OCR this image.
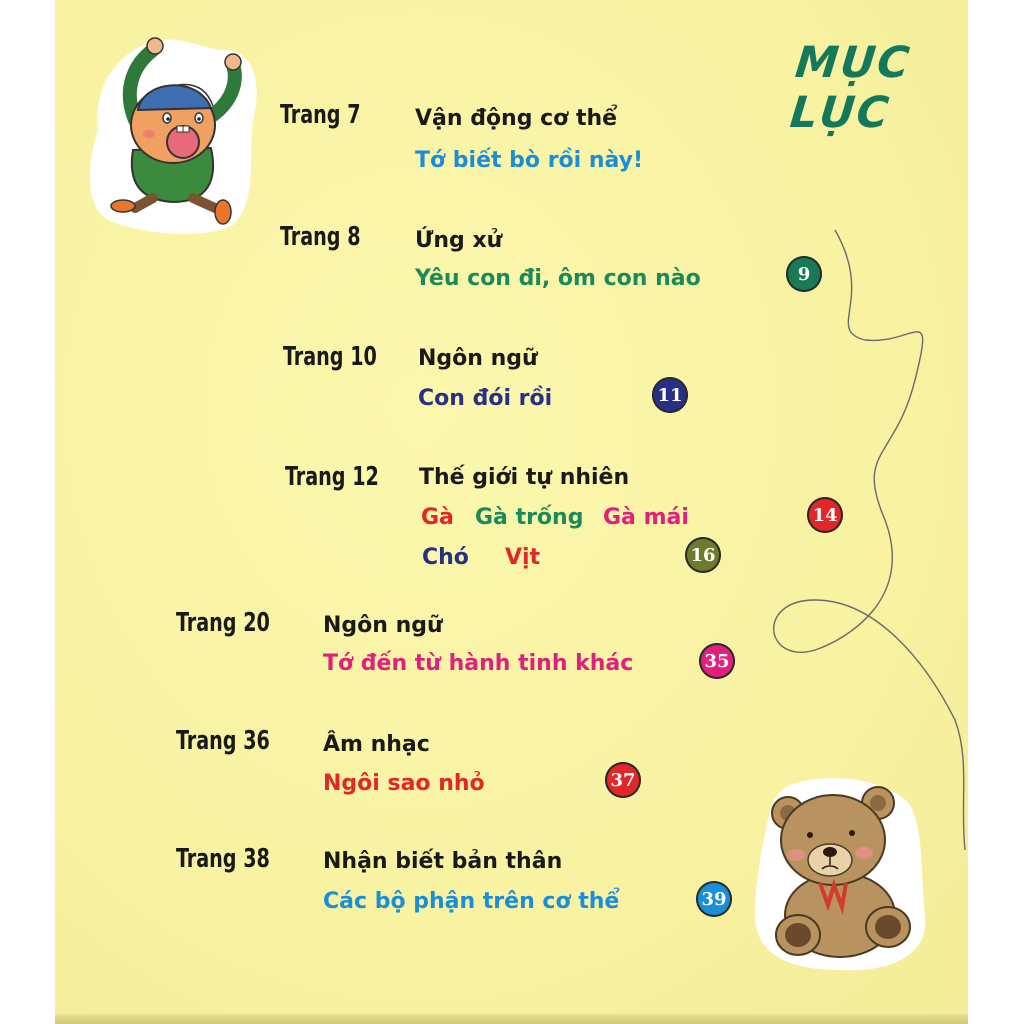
MỤC LỤC
Trang 7 Vận động cơ thể
Tớ biết bò rồi này!
Trang 8 Ứng xử
Yêu con đi, ôm con nào	9
Trang 10 Ngôn ngữ
Con đói rồi	11
Trang 12 Thế giới tự nhiên
Gà Gà trống Gà mái	14
Chó Vịt	16
Trang 20 Ngôn ngữ
Tớ đến từ hành tinh khác	35
Trang 36 Âm nhạc
Ngôi sao nhỏ	37
Trang 38 Nhận biết bản thân
Các bộ phận trên cơ thể	39
